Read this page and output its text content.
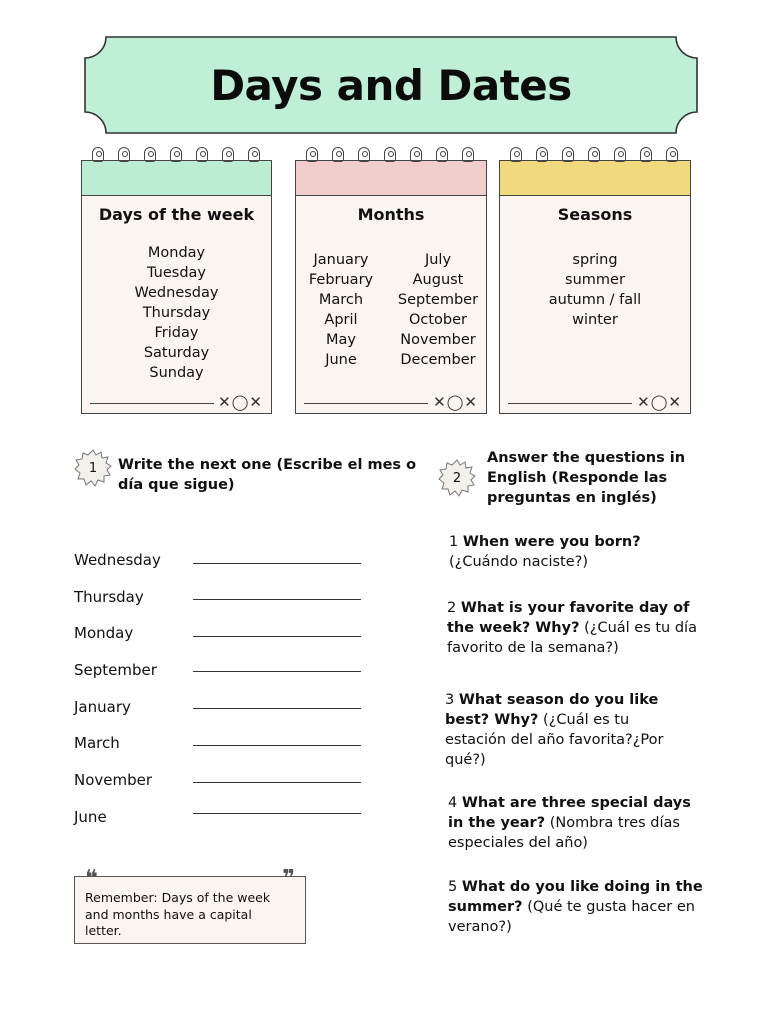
Days and Dates
Days of the week
Monday
Tuesday
Wednesday
Thursday
Friday
Saturday
Sunday
✕◯✕
Months
January
February
March
April
May
June
July
August
September
October
November
December
✕◯✕
Seasons
spring
summer
autumn / fall
winter
✕◯✕
1	Write the next one (Escribe el mes o
día que sigue)
Wednesday
Thursday
Monday
September
January
March
November
June
❝	❞
Remember: Days of the week and months have a capital letter.
2
Answer the questions in
English (Responde las
preguntas en inglés)
1 When were you born? (¿Cuándo naciste?)
2 What is your favorite day of the week? Why? (¿Cuál es tu día favorito de la semana?)
3 What season do you like best? Why? (¿Cuál es tu estación del año favorita?¿Por qué?)
4 What are three special days in the year? (Nombra tres días especiales del año)
5 What do you like doing in the summer? (Qué te gusta hacer en verano?)
